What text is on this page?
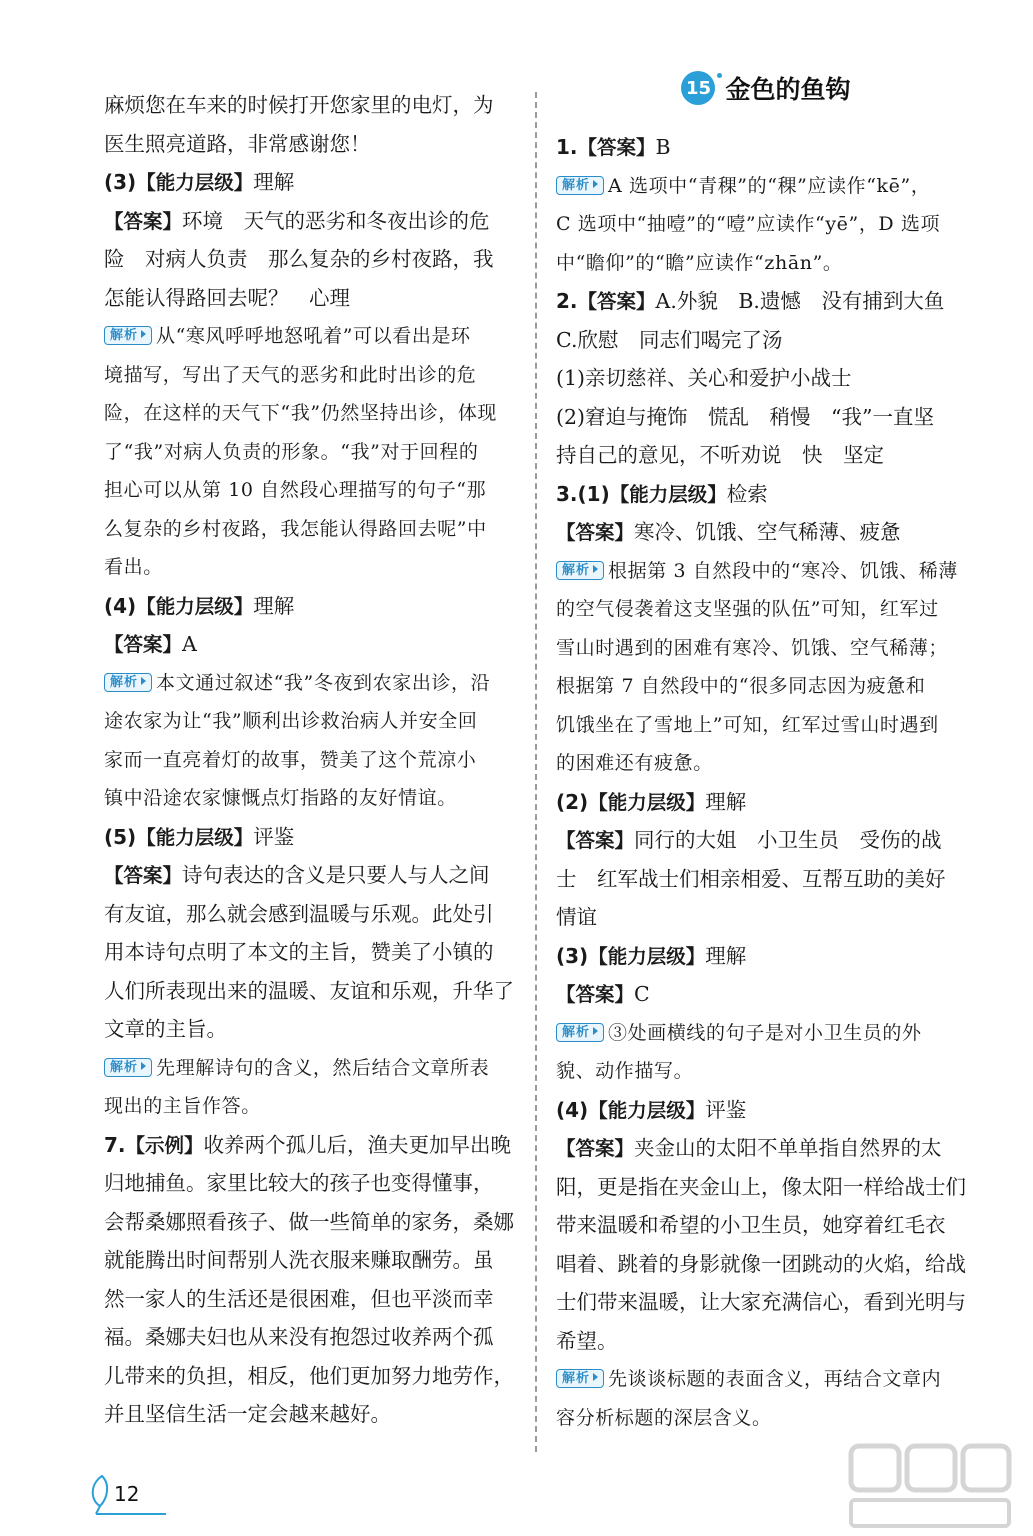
麻烦您在车来的时候打开您家里的电灯，为
医生照亮道路，非常感谢您！
(3)【能力层级】理解
【答案】环境　天气的恶劣和冬夜出诊的危
险　对病人负责　那么复杂的乡村夜路，我
怎能认得路回去呢？　心理
解析 从“寒风呼呼地怒吼着”可以看出是环
境描写，写出了天气的恶劣和此时出诊的危
险，在这样的天气下“我”仍然坚持出诊，体现
了“我”对病人负责的形象。“我”对于回程的
担心可以从第 10 自然段心理描写的句子“那
么复杂的乡村夜路，我怎能认得路回去呢”中
看出。
(4)【能力层级】理解
【答案】A
解析 本文通过叙述“我”冬夜到农家出诊，沿
途农家为让“我”顺利出诊救治病人并安全回
家而一直亮着灯的故事，赞美了这个荒凉小
镇中沿途农家慷慨点灯指路的友好情谊。
(5)【能力层级】评鉴
【答案】诗句表达的含义是只要人与人之间
有友谊，那么就会感到温暖与乐观。此处引
用本诗句点明了本文的主旨，赞美了小镇的
人们所表现出来的温暖、友谊和乐观，升华了
文章的主旨。
解析 先理解诗句的含义，然后结合文章所表
现出的主旨作答。
7.【示例】收养两个孤儿后，渔夫更加早出晚
归地捕鱼。家里比较大的孩子也变得懂事，
会帮桑娜照看孩子、做一些简单的家务，桑娜
就能腾出时间帮别人洗衣服来赚取酬劳。虽
然一家人的生活还是很困难，但也平淡而幸
福。桑娜夫妇也从来没有抱怨过收养两个孤
儿带来的负担，相反，他们更加努力地劳作，
并且坚信生活一定会越来越好。
15 金色的鱼钩
1.【答案】B
解析 A 选项中“青稞”的“稞”应读作“kē”，
C 选项中“抽噎”的“噎”应读作“yē”，D 选项
中“瞻仰”的“瞻”应读作“zhān”。
2.【答案】A.外貌　B.遗憾　没有捕到大鱼
C.欣慰　同志们喝完了汤
(1)亲切慈祥、关心和爱护小战士
(2)窘迫与掩饰　慌乱　稍慢　“我”一直坚
持自己的意见，不听劝说　快　坚定
3.(1)【能力层级】检索
【答案】寒冷、饥饿、空气稀薄、疲惫
解析 根据第 3 自然段中的“寒冷、饥饿、稀薄
的空气侵袭着这支坚强的队伍”可知，红军过
雪山时遇到的困难有寒冷、饥饿、空气稀薄；
根据第 7 自然段中的“很多同志因为疲惫和
饥饿坐在了雪地上”可知，红军过雪山时遇到
的困难还有疲惫。
(2)【能力层级】理解
【答案】同行的大姐　小卫生员　受伤的战
士　红军战士们相亲相爱、互帮互助的美好
情谊
(3)【能力层级】理解
【答案】C
解析 ③处画横线的句子是对小卫生员的外
貌、动作描写。
(4)【能力层级】评鉴
【答案】夹金山的太阳不单单指自然界的太
阳，更是指在夹金山上，像太阳一样给战士们
带来温暖和希望的小卫生员，她穿着红毛衣
唱着、跳着的身影就像一团跳动的火焰，给战
士们带来温暖，让大家充满信心，看到光明与
希望。
解析 先谈谈标题的表面含义，再结合文章内
容分析标题的深层含义。
12
